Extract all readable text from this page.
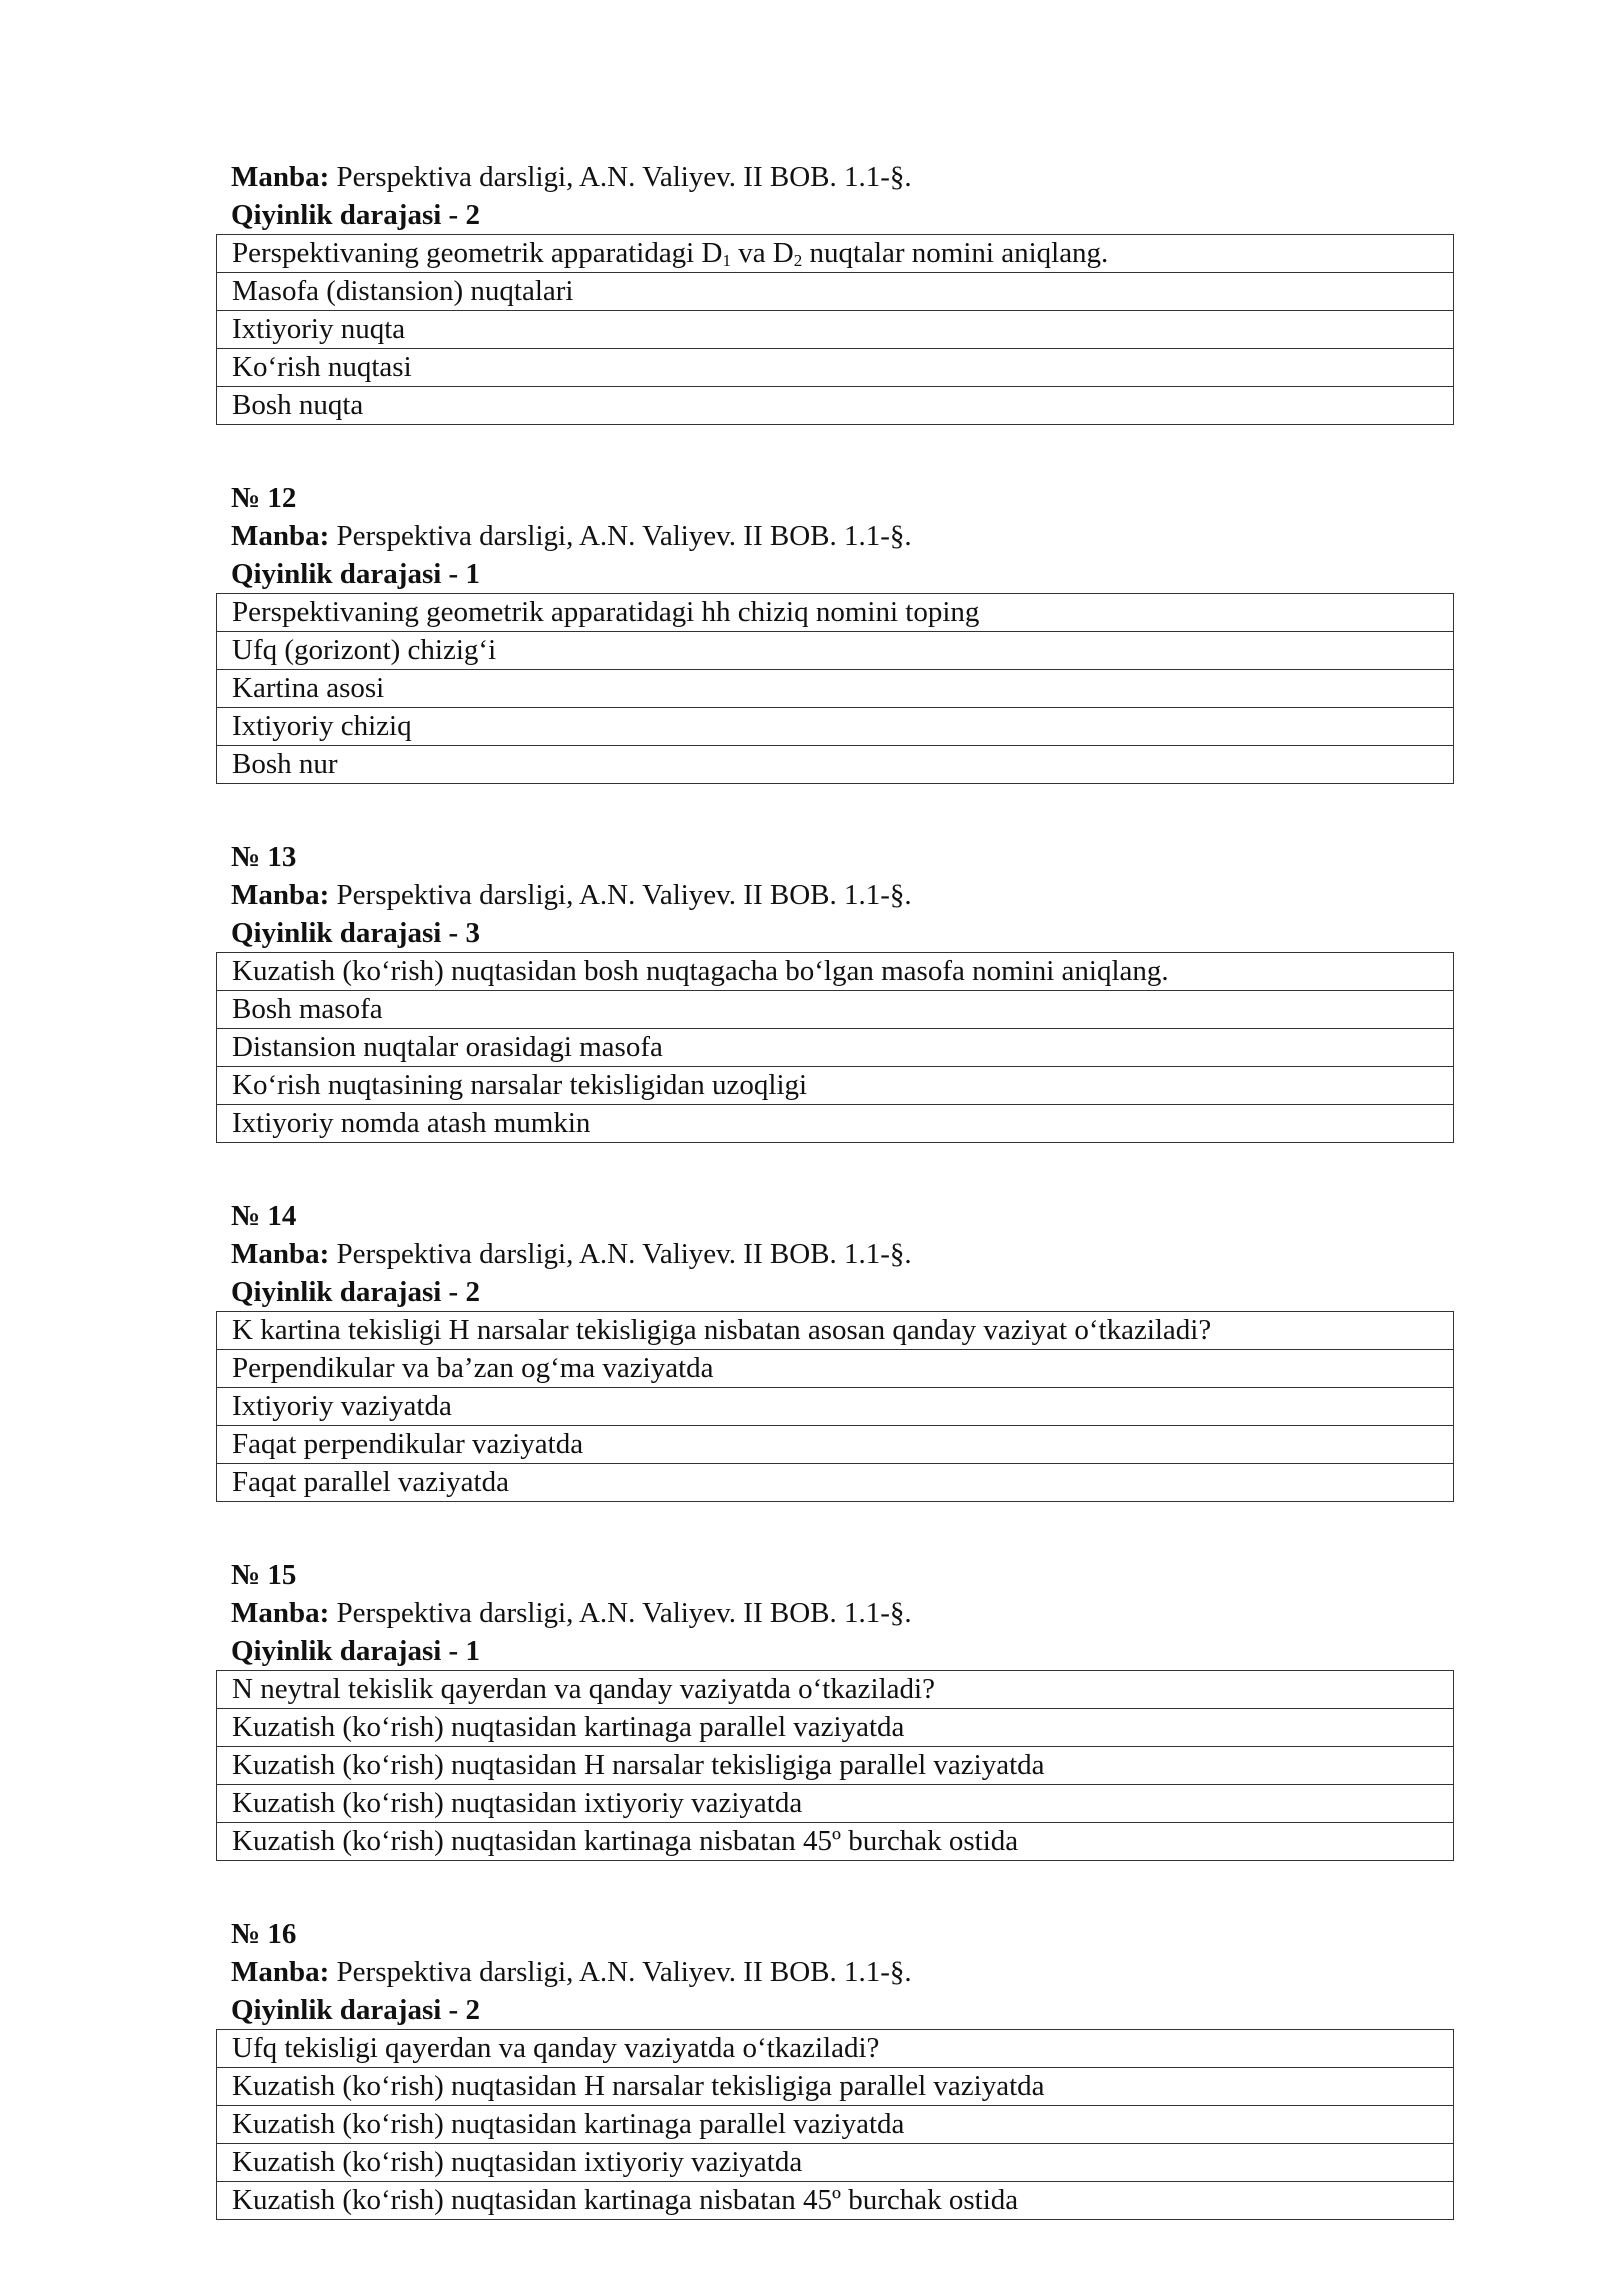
Manba: Perspektiva darsligi, A.N. Valiyev. II BOB. 1.1-§.
Qiyinlik darajasi - 2
Perspektivaning geometrik apparatidagi $D_1$ va $D_2$ nuqtalar nomini aniqlang.
Masofa (distansion) nuqtalari
Ixtiyoriy nuqta
Ko‘rish nuqtasi
Bosh nuqta
№ 12
Manba: Perspektiva darsligi, A.N. Valiyev. II BOB. 1.1-§.
Qiyinlik darajasi - 1
Perspektivaning geometrik apparatidagi hh chiziq nomini toping
Ufq (gorizont) chizig‘i
Kartina asosi
Ixtiyoriy chiziq
Bosh nur
№ 13
Manba: Perspektiva darsligi, A.N. Valiyev. II BOB. 1.1-§.
Qiyinlik darajasi - 3
Kuzatish (ko‘rish) nuqtasidan bosh nuqtagacha bo‘lgan masofa nomini aniqlang.
Bosh masofa
Distansion nuqtalar orasidagi masofa
Ko‘rish nuqtasining narsalar tekisligidan uzoqligi
Ixtiyoriy nomda atash mumkin
№ 14
Manba: Perspektiva darsligi, A.N. Valiyev. II BOB. 1.1-§.
Qiyinlik darajasi - 2
K kartina tekisligi H narsalar tekisligiga nisbatan asosan qanday vaziyat o‘tkaziladi?
Perpendikular va ba’zan og‘ma vaziyatda
Ixtiyoriy vaziyatda
Faqat perpendikular vaziyatda
Faqat parallel vaziyatda
№ 15
Manba: Perspektiva darsligi, A.N. Valiyev. II BOB. 1.1-§.
Qiyinlik darajasi - 1
N neytral tekislik qayerdan va qanday vaziyatda o‘tkaziladi?
Kuzatish (ko‘rish) nuqtasidan kartinaga parallel vaziyatda
Kuzatish (ko‘rish) nuqtasidan H narsalar tekisligiga parallel vaziyatda
Kuzatish (ko‘rish) nuqtasidan ixtiyoriy vaziyatda
Kuzatish (ko‘rish) nuqtasidan kartinaga nisbatan 45º burchak ostida
№ 16
Manba: Perspektiva darsligi, A.N. Valiyev. II BOB. 1.1-§.
Qiyinlik darajasi - 2
Ufq tekisligi qayerdan va qanday vaziyatda o‘tkaziladi?
Kuzatish (ko‘rish) nuqtasidan H narsalar tekisligiga parallel vaziyatda
Kuzatish (ko‘rish) nuqtasidan kartinaga parallel vaziyatda
Kuzatish (ko‘rish) nuqtasidan ixtiyoriy vaziyatda
Kuzatish (ko‘rish) nuqtasidan kartinaga nisbatan 45º burchak ostida
